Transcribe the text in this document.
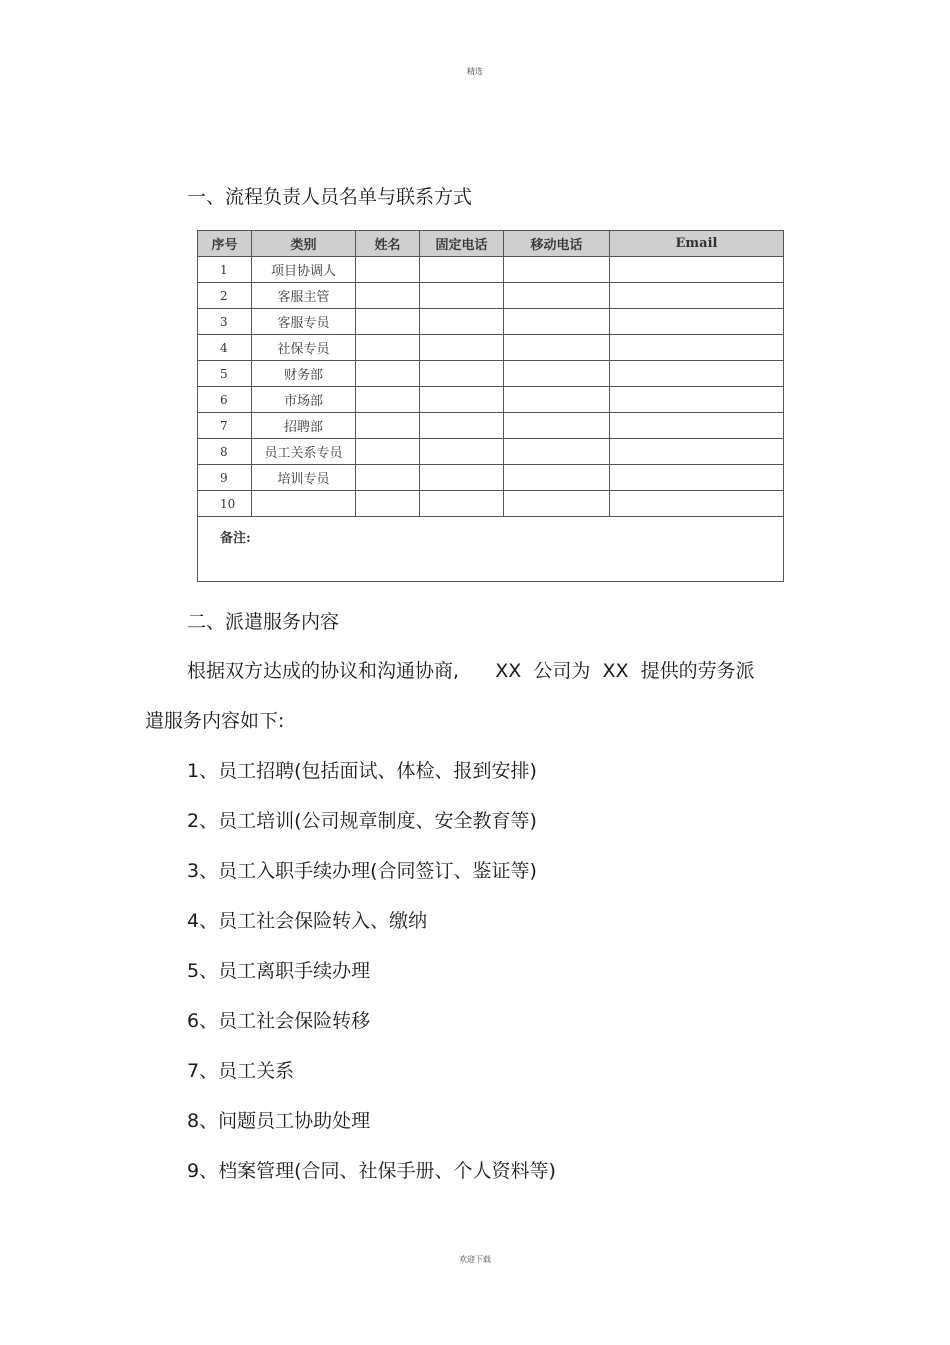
精选
一、流程负责人员名单与联系方式
序号	类别	姓名	固定电话	移动电话	Email
1	项目协调人				
2	客服主管				
3	客服专员				
4	社保专员				
5	财务部				
6	市场部				
7	招聘部				
8	员工关系专员				
9	培训专员				
10					
备注:					
二、派遣服务内容
根据双方达成的协议和沟通协商,      XX  公司为  XX  提供的劳务派
遣服务内容如下:
1、员工招聘(包括面试、体检、报到安排)
2、员工培训(公司规章制度、安全教育等)
3、员工入职手续办理(合同签订、鉴证等)
4、员工社会保险转入、缴纳
5、员工离职手续办理
6、员工社会保险转移
7、员工关系
8、问题员工协助处理
9、档案管理(合同、社保手册、个人资料等)
欢迎下载
